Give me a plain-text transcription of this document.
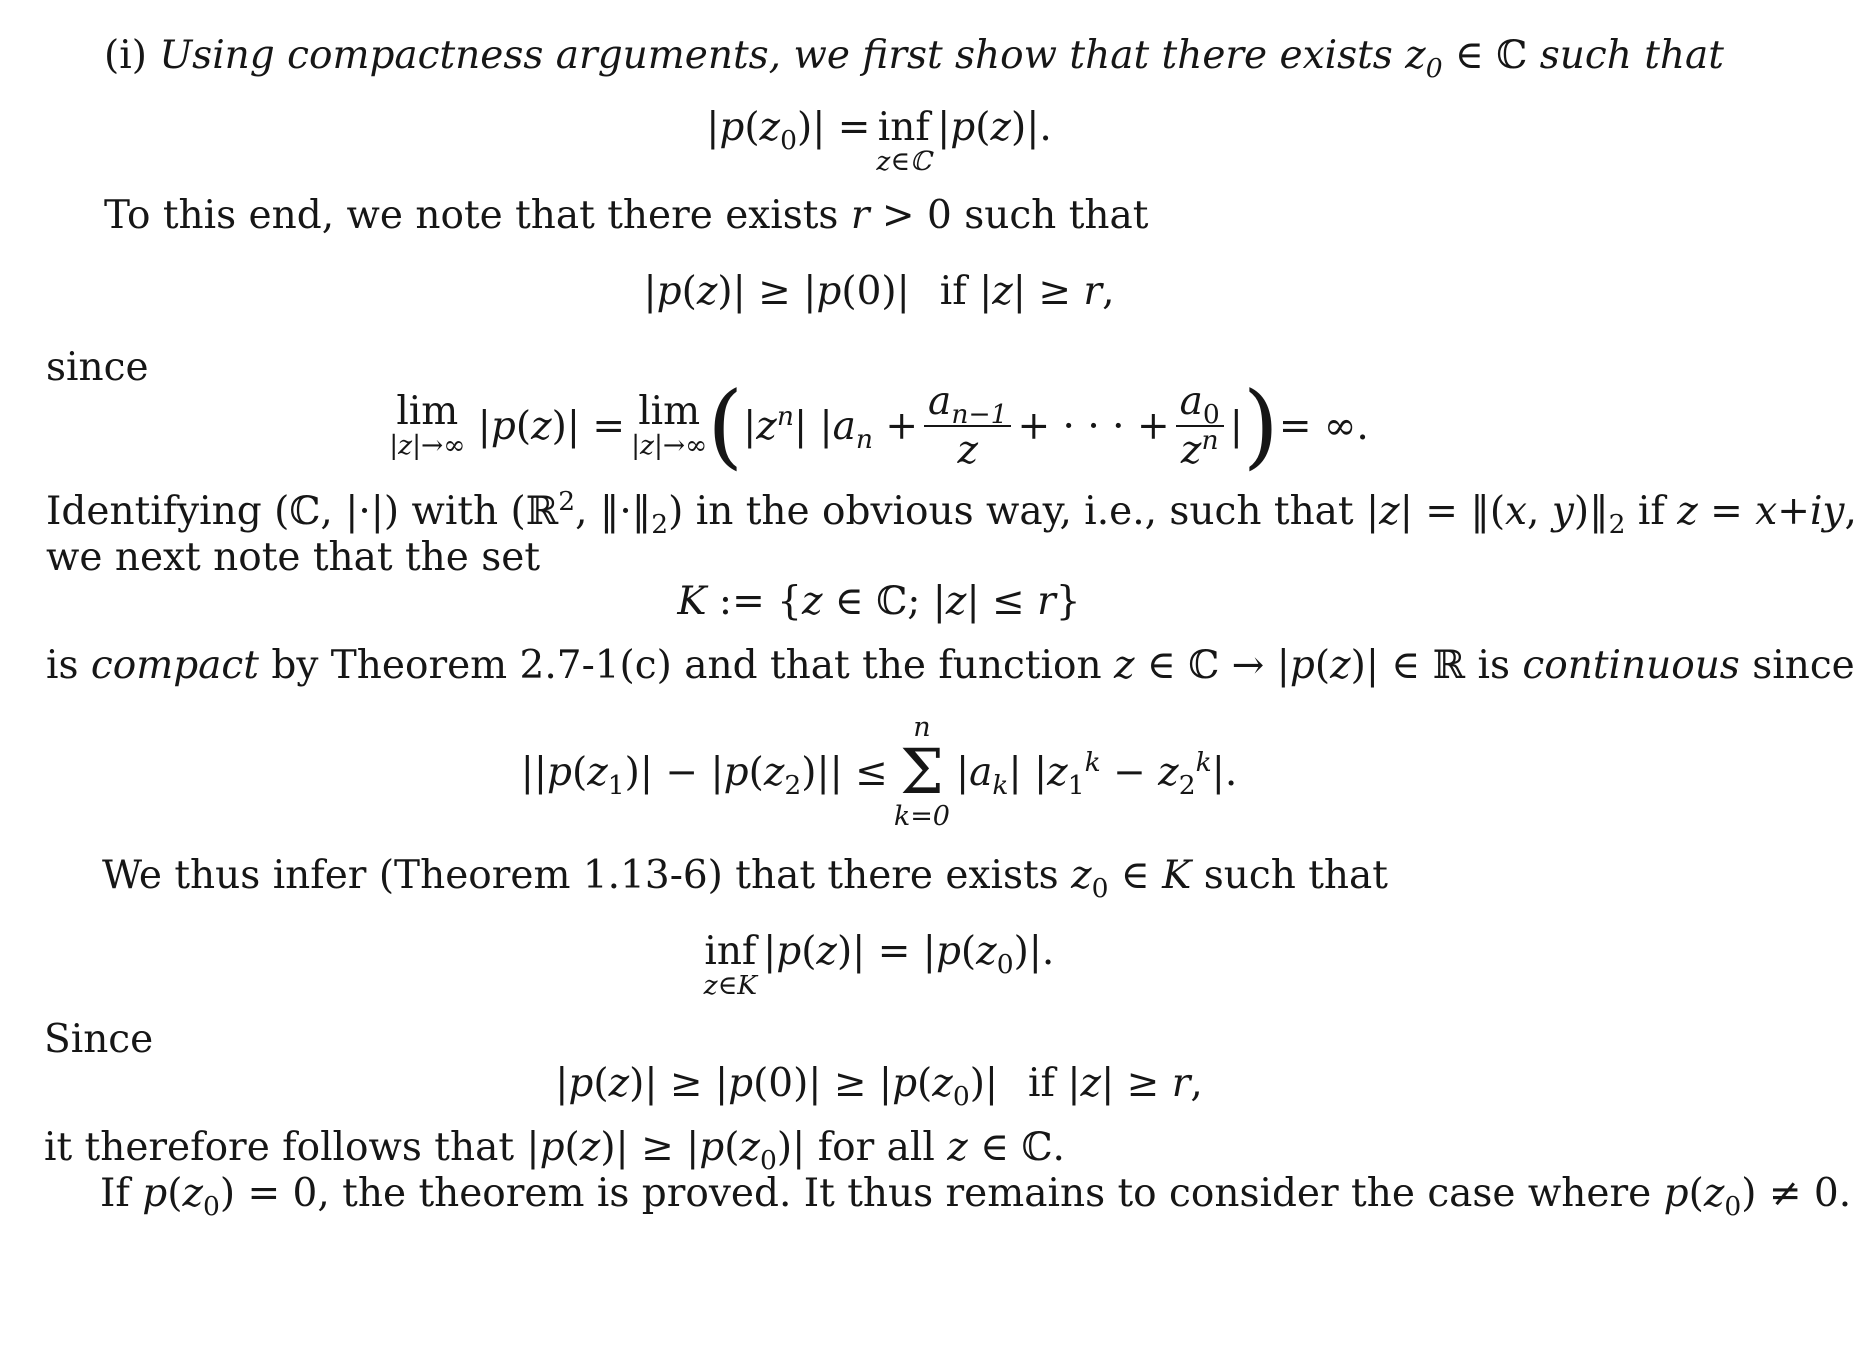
(i) Using compactness arguments, we first show that there exists $z_0$ ∈ ℂ such that
$|p(z_0)|$ = inf
z∈ℂ
|p(z)|.
To this end, we note that there exists r > 0 such that
|p(z)| ≥ |p(0)| if |z| ≥ r,
since
lim
|z|→∞ |p(z)| = lim
|z|→∞ ( $|z^n|$ $|a_n + \frac{a_{n-1}}{z}$ + · · · + $\frac{a_0}{z^n}$ | ) = ∞.
Identifying (ℂ, |·|) with (ℝ$^2$, $‖\cdot‖_2$) in the obvious way, i.e., such that |z| = ‖(x, $y)‖_2$ if z = x+iy,
we next note that the set
K := {z ∈ ℂ; |z| ≤ r}
is compact by Theorem 2.7-1(c) and that the function z ∈ ℂ → |p(z)| ∈ ℝ is continuous since
$||p(z_1)| - |p(z_2)||$ ≤
n
Σ
k=0
$|a_k|$ $|z_1^k - z_2^k|$.
We thus infer (Theorem 1.13-6) that there exists $z_0$ ∈ K such that
inf
z∈K
$|p(z)| = |p(z_0)|$.
Since
$|p(z)| \ge |p(0)| \ge |p(z_0)|$ if |z| ≥ r,
it therefore follows that $|p(z)| \ge |p(z_0)|$ for all z ∈ ℂ.
If $p(z_0) = 0$, the theorem is proved. It thus remains to consider the case where $p(z_0) \ne 0$.
